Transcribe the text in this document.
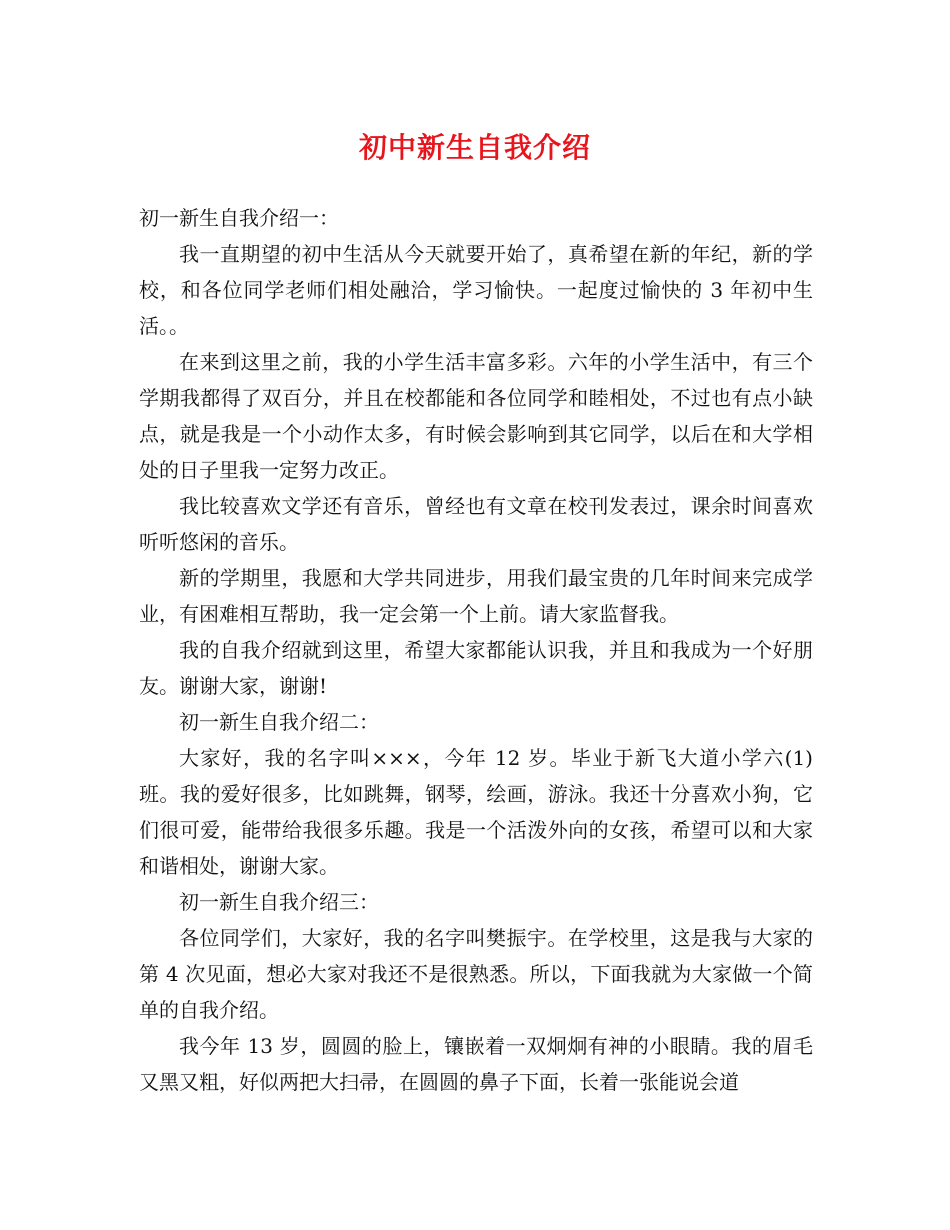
初中新生自我介绍

初一新生自我介绍一：

我一直期望的初中生活从今天就要开始了，真希望在新的年纪，新的学校，和各位同学老师们相处融洽，学习愉快。一起度过愉快的 3 年初中生活。。

在来到这里之前，我的小学生活丰富多彩。六年的小学生活中，有三个学期我都得了双百分，并且在校都能和各位同学和睦相处，不过也有点小缺点，就是我是一个小动作太多，有时候会影响到其它同学，以后在和大学相处的日子里我一定努力改正。

我比较喜欢文学还有音乐，曾经也有文章在校刊发表过，课余时间喜欢听听悠闲的音乐。

新的学期里，我愿和大学共同进步，用我们最宝贵的几年时间来完成学业，有困难相互帮助，我一定会第一个上前。请大家监督我。

我的自我介绍就到这里，希望大家都能认识我，并且和我成为一个好朋友。谢谢大家，谢谢!

初一新生自我介绍二：

大家好，我的名字叫×××，今年 12 岁。毕业于新飞大道小学六(1)班。我的爱好很多，比如跳舞，钢琴，绘画，游泳。我还十分喜欢小狗，它们很可爱，能带给我很多乐趣。我是一个活泼外向的女孩，希望可以和大家和谐相处，谢谢大家。

初一新生自我介绍三：

各位同学们，大家好，我的名字叫樊振宇。在学校里，这是我与大家的第 4 次见面，想必大家对我还不是很熟悉。所以，下面我就为大家做一个简单的自我介绍。

我今年 13 岁，圆圆的脸上，镶嵌着一双炯炯有神的小眼睛。我的眉毛又黑又粗，好似两把大扫帚，在圆圆的鼻子下面，长着一张能说会道
